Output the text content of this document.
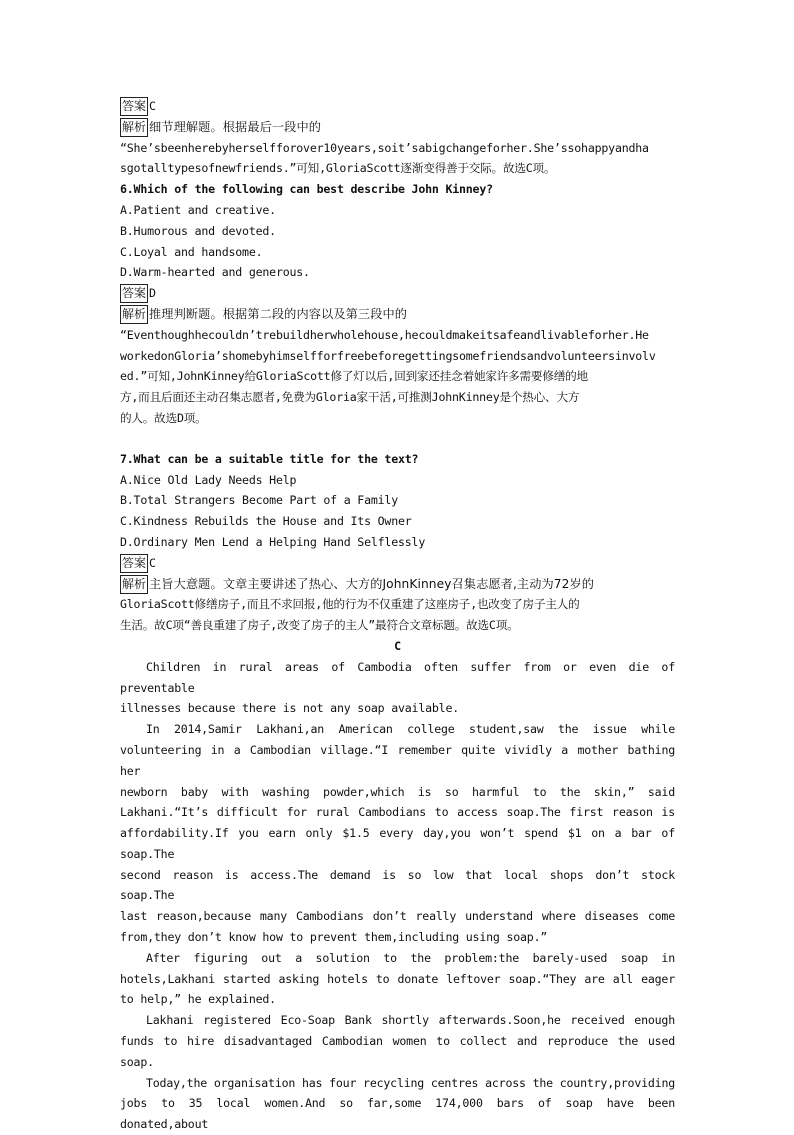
答案 C

解析 细节理解题。根据最后一段中的

“She’sbeenherebyherselfforover10years,soit’sabigchangeforher.She’ssohappyandha

sgotalltypesofnewfriends.”可知,GloriaScott逐渐变得善于交际。故选C项。

6.Which of the following can best describe John Kinney?

A.Patient and creative.

B.Humorous and devoted.

C.Loyal and handsome.

D.Warm-hearted and generous.

答案 D

解析 推理判断题。根据第二段的内容以及第三段中的

“Eventhoughhecouldn’trebuildherwholehouse,hecouldmakeitsafeandlivableforher.He

workedonGloria’shomebyhimselfforfreebeforegettingsomefriendsandvolunteersinvolv

ed.”可知,JohnKinney给GloriaScott修了灯以后,回到家还挂念着她家许多需要修缮的地

方,而且后面还主动召集志愿者,免费为Gloria家干活,可推测JohnKinney是个热心、大方

的人。故选D项。

7.What can be a suitable title for the text?

A.Nice Old Lady Needs Help

B.Total Strangers Become Part of a Family

C.Kindness Rebuilds the House and Its Owner

D.Ordinary Men Lend a Helping Hand Selflessly

答案 C

解析 主旨大意题。文章主要讲述了热心、大方的JohnKinney召集志愿者,主动为72岁的

GloriaScott修缮房子,而且不求回报,他的行为不仅重建了这座房子,也改变了房子主人的

生活。故C项“善良重建了房子,改变了房子的主人”最符合文章标题。故选C项。

C

Children in rural areas of Cambodia often suffer from or even die of preventable

illnesses because there is not any soap available.

In 2014,Samir Lakhani,an American college student,saw the issue while

volunteering in a Cambodian village.“I remember quite vividly a mother bathing her

newborn baby with washing powder,which is so harmful to the skin,” said

Lakhani.“It’s difficult for rural Cambodians to access soap.The first reason is

affordability.If you earn only $1.5 every day,you won’t spend $1 on a bar of soap.The

second reason is access.The demand is so low that local shops don’t stock soap.The

last reason,because many Cambodians don’t really understand where diseases come

from,they don’t know how to prevent them,including using soap.”

After figuring out a solution to the problem:the barely-used soap in

hotels,Lakhani started asking hotels to donate leftover soap.“They are all eager

to help,” he explained.

Lakhani registered Eco-Soap Bank shortly afterwards.Soon,he received enough

funds to hire disadvantaged Cambodian women to collect and reproduce the used soap.

Today,the organisation has four recycling centres across the country,providing

jobs to 35 local women.And so far,some 174,000 bars of soap have been donated,about
